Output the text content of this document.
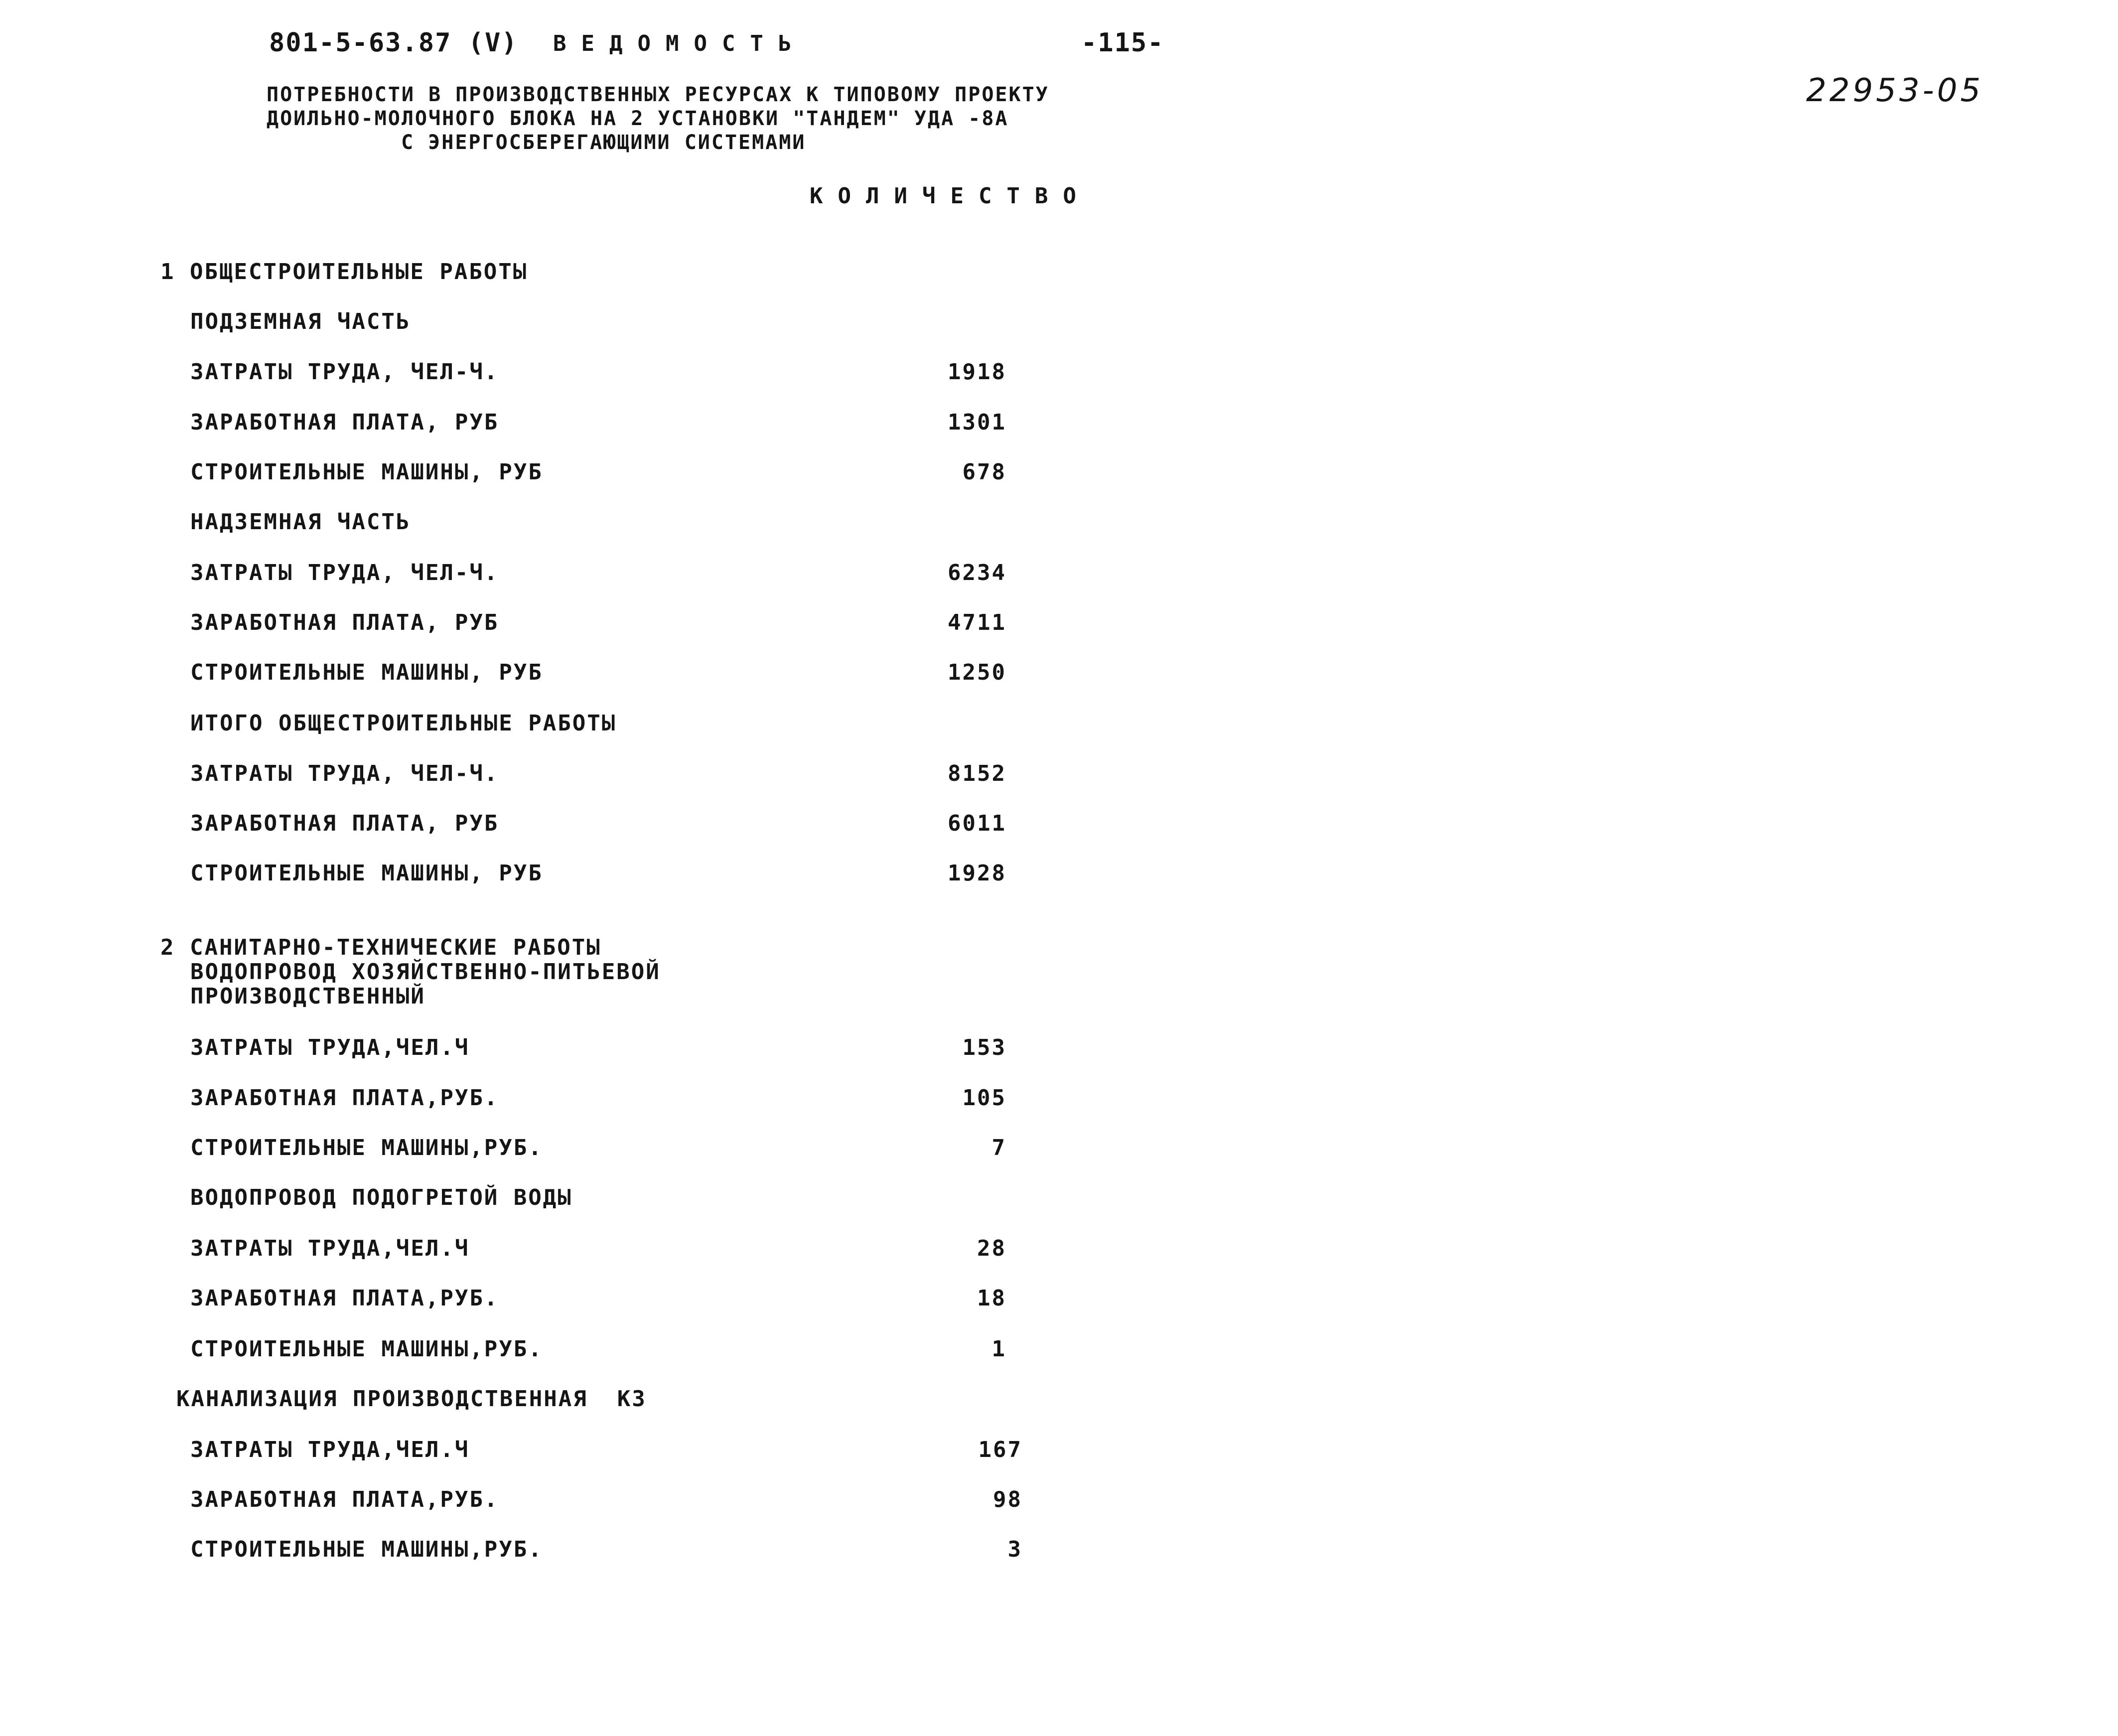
801-5-63.87 (V) ВЕДОМОСТЬ	-115-
22953-05
ПОТРЕБНОСТИ В ПРОИЗВОДСТВЕННЫХ РЕСУРСАХ К ТИПОВОМУ ПРОЕКТУ
ДОИЛЬНО-МОЛОЧНОГО БЛОКА НА 2 УСТАНОВКИ "ТАНДЕМ" УДА -8А
С ЭНЕРГОСБЕРЕГАЮЩИМИ СИСТЕМАМИ
КОЛИЧЕСТВО
1 ОБЩЕСТРОИТЕЛЬНЫЕ РАБОТЫ
ПОДЗЕМНАЯ ЧАСТЬ
ЗАТРАТЫ ТРУДА, ЧЕЛ-Ч.	1918
ЗАРАБОТНАЯ ПЛАТА, РУБ	1301
СТРОИТЕЛЬНЫЕ МАШИНЫ, РУБ	678
НАДЗЕМНАЯ ЧАСТЬ
ЗАТРАТЫ ТРУДА, ЧЕЛ-Ч.	6234
ЗАРАБОТНАЯ ПЛАТА, РУБ	4711
СТРОИТЕЛЬНЫЕ МАШИНЫ, РУБ	1250
ИТОГО ОБЩЕСТРОИТЕЛЬНЫЕ РАБОТЫ
ЗАТРАТЫ ТРУДА, ЧЕЛ-Ч.	8152
ЗАРАБОТНАЯ ПЛАТА, РУБ	6011
СТРОИТЕЛЬНЫЕ МАШИНЫ, РУБ	1928
2 САНИТАРНО-ТЕХНИЧЕСКИЕ РАБОТЫ
ВОДОПРОВОД ХОЗЯЙСТВЕННО-ПИТЬЕВОЙ
ПРОИЗВОДСТВЕННЫЙ
ЗАТРАТЫ ТРУДА,ЧЕЛ.Ч	153
ЗАРАБОТНАЯ ПЛАТА,РУБ.	105
СТРОИТЕЛЬНЫЕ МАШИНЫ,РУБ.	7
ВОДОПРОВОД ПОДОГРЕТОЙ ВОДЫ
ЗАТРАТЫ ТРУДА,ЧЕЛ.Ч	28
ЗАРАБОТНАЯ ПЛАТА,РУБ.	18
СТРОИТЕЛЬНЫЕ МАШИНЫ,РУБ.	1
КАНАЛИЗАЦИЯ ПРОИЗВОДСТВЕННАЯ  К3
ЗАТРАТЫ ТРУДА,ЧЕЛ.Ч	167
ЗАРАБОТНАЯ ПЛАТА,РУБ.	98
СТРОИТЕЛЬНЫЕ МАШИНЫ,РУБ.	3
